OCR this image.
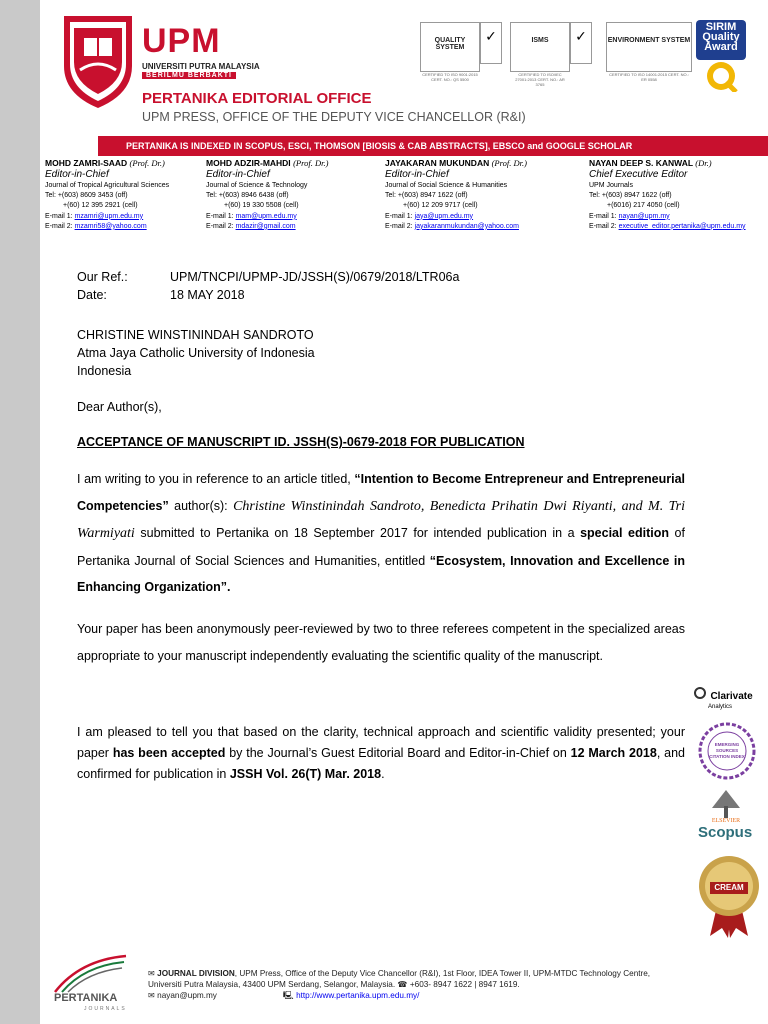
UPM
UNIVERSITI PUTRA MALAYSIA
BERILMU BERBAKTI
PERTANIKA EDITORIAL OFFICE
UPM PRESS, OFFICE OF THE DEPUTY VICE CHANCELLOR (R&I)
QUALITY SYSTEM
CERTIFIED TO ISO 9001:2015 CERT. NO.: QS 5500
✓	ISMS
CERTIFIED TO ISO/IEC 27001:2013 CERT. NO.: AR 3765
✓	ENVIRONMENT SYSTEM
CERTIFIED TO ISO 14001:2015 CERT. NO.: ER 0558
SIRIM Quality Award
PERTANIKA IS INDEXED IN SCOPUS, ESCI, THOMSON [BIOSIS & CAB ABSTRACTS], EBSCO and GOOGLE SCHOLAR
MOHD ZAMRI-SAAD (Prof. Dr.)
Editor-in-Chief
Journal of Tropical Agricultural Sciences
Tel: +(603) 8609 3453 (off)
+(60) 12 395 2921 (cell)
E-mail 1: mzamri@upm.edu.my
E-mail 2: mzamri58@yahoo.com
MOHD ADZIR-MAHDI (Prof. Dr.)
Editor-in-Chief
Journal of Science & Technology
Tel: +(603) 8946 6438 (off)
+(60) 19 330 5508 (cell)
E-mail 1: mam@upm.edu.my
E-mail 2: mdazir@gmail.com
JAYAKARAN MUKUNDAN (Prof. Dr.)
Editor-in-Chief
Journal of Social Science & Humanities
Tel: +(603) 8947 1622 (off)
+(60) 12 209 9717 (cell)
E-mail 1: jaya@upm.edu.my
E-mail 2: jayakaranmukundan@yahoo.com
NAYAN DEEP S. KANWAL (Dr.)
Chief Executive Editor
UPM Journals
Tel: +(603) 8947 1622 (off)
+(6016) 217 4050 (cell)
E-mail 1: nayan@upm.my
E-mail 2: executive_editor.pertanika@upm.edu.my
Our Ref.:	UPM/TNCPI/UPMP-JD/JSSH(S)/0679/2018/LTR06a
Date:	18 MAY 2018
CHRISTINE WINSTININDAH SANDROTO
Atma Jaya Catholic University of Indonesia
Indonesia
Dear Author(s),
ACCEPTANCE OF MANUSCRIPT ID. JSSH(S)-0679-2018 FOR PUBLICATION
I am writing to you in reference to an article titled, “Intention to Become Entrepreneur and Entrepreneurial Competencies” author(s): Christine Winstinindah Sandroto, Benedicta Prihatin Dwi Riyanti, and M. Tri Warmiyati submitted to Pertanika on 18 September 2017 for intended publication in a special edition of Pertanika Journal of Social Sciences and Humanities, entitled “Ecosystem, Innovation and Excellence in Enhancing Organization”.
Your paper has been anonymously peer-reviewed by two to three referees competent in the specialized areas appropriate to your manuscript independently evaluating the scientific quality of the manuscript.
I am pleased to tell you that based on the clarity, technical approach and scientific validity presented; your paper has been accepted by the Journal’s Guest Editorial Board and Editor-in-Chief on 12 March 2018, and confirmed for publication in JSSH Vol. 26(T) Mar. 2018.
Clarivate
Analytics
EMERGING SOURCES CITATION INDEX
ELSEVIER
Scopus
CREAM
PERTANIKA
JOURNALS
✉ JOURNAL DIVISION, UPM Press, Office of the Deputy Vice Chancellor (R&I), 1st Floor, IDEA Tower II, UPM-MTDC Technology Centre,
Universiti Putra Malaysia, 43400 UPM Serdang, Selangor, Malaysia. ☎ +603- 8947 1622 | 8947 1619.
✉ nayan@upm.my	🖳 http://www.pertanika.upm.edu.my/
